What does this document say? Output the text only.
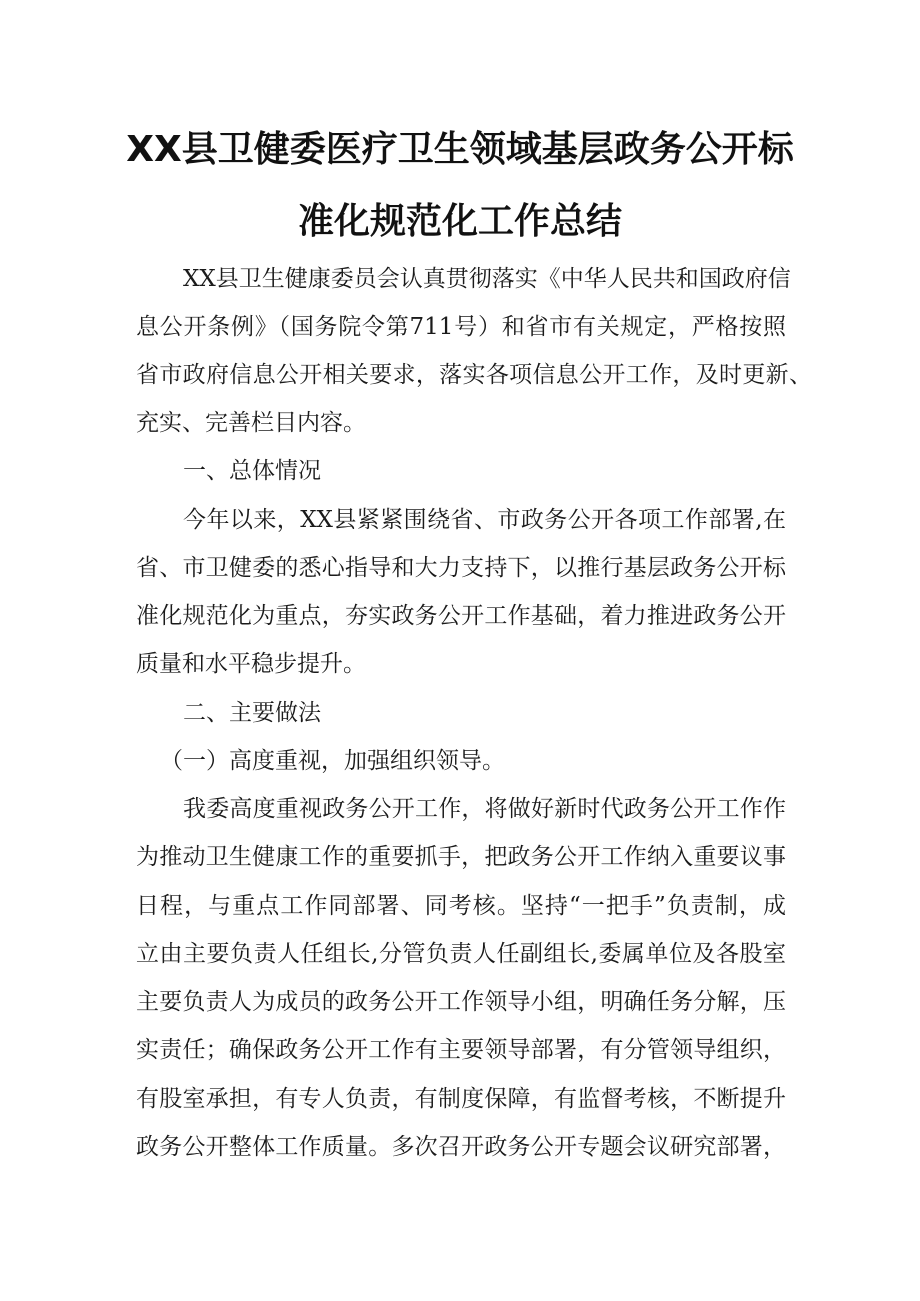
XX县卫健委医疗卫生领域基层政务公开标
准化规范化工作总结
XX县卫生健康委员会认真贯彻落实《中华人民共和国政府信
息公开条例》（国务院令第711号）和省市有关规定，严格按照
省市政府信息公开相关要求，落实各项信息公开工作，及时更新、
充实、完善栏目内容。
一、总体情况
今年以来，XX县紧紧围绕省、市政务公开各项工作部署,在
省、市卫健委的悉心指导和大力支持下，以推行基层政务公开标
准化规范化为重点，夯实政务公开工作基础，着力推进政务公开
质量和水平稳步提升。
二、主要做法
（一）高度重视，加强组织领导。
我委高度重视政务公开工作，将做好新时代政务公开工作作
为推动卫生健康工作的重要抓手，把政务公开工作纳入重要议事
日程，与重点工作同部署、同考核。坚持“一把手”负责制，成
立由主要负责人任组长,分管负责人任副组长,委属单位及各股室
主要负责人为成员的政务公开工作领导小组，明确任务分解，压
实责任；确保政务公开工作有主要领导部署，有分管领导组织，
有股室承担，有专人负责，有制度保障，有监督考核，不断提升
政务公开整体工作质量。多次召开政务公开专题会议研究部署，
